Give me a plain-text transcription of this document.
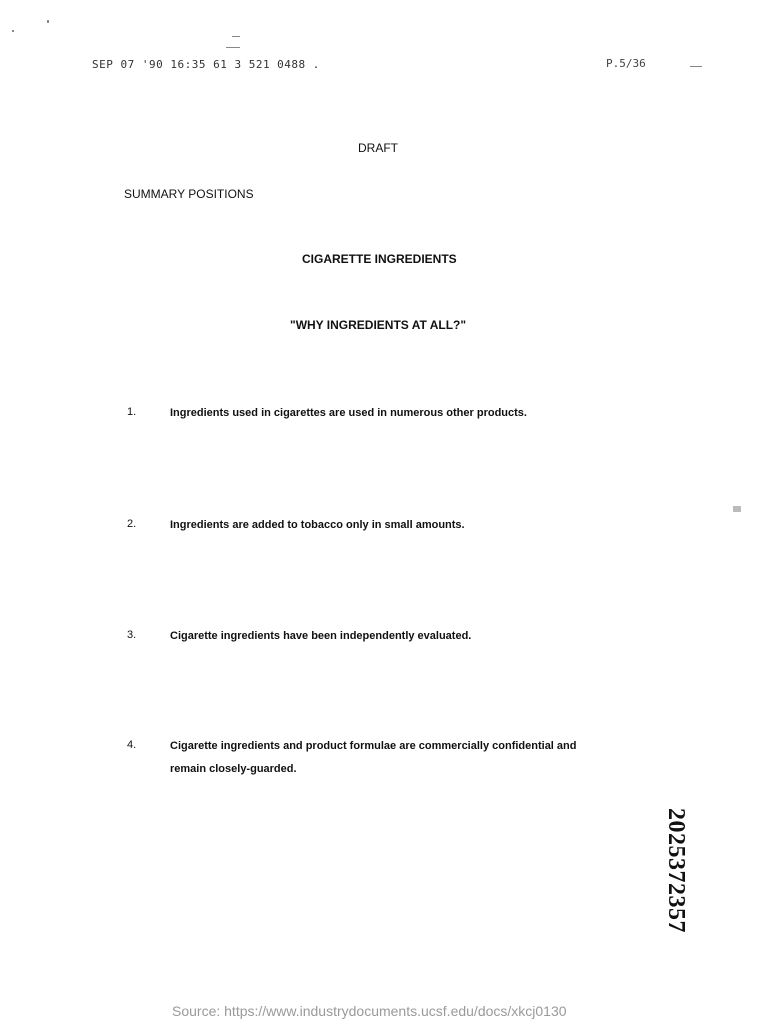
SEP 07 '90 16:35 61 3 521 0488 .	P.5/36
DRAFT
SUMMARY POSITIONS
CIGARETTE INGREDIENTS
"WHY INGREDIENTS AT ALL?"
1.	Ingredients used in cigarettes are used in numerous other products.
2.	Ingredients are added to tobacco only in small amounts.
3.	Cigarette ingredients have been independently evaluated.
4.	Cigarette ingredients and product formulae are commercially confidential and remain closely-guarded.
2025372357
Source: https://www.industrydocuments.ucsf.edu/docs/xkcj0130
